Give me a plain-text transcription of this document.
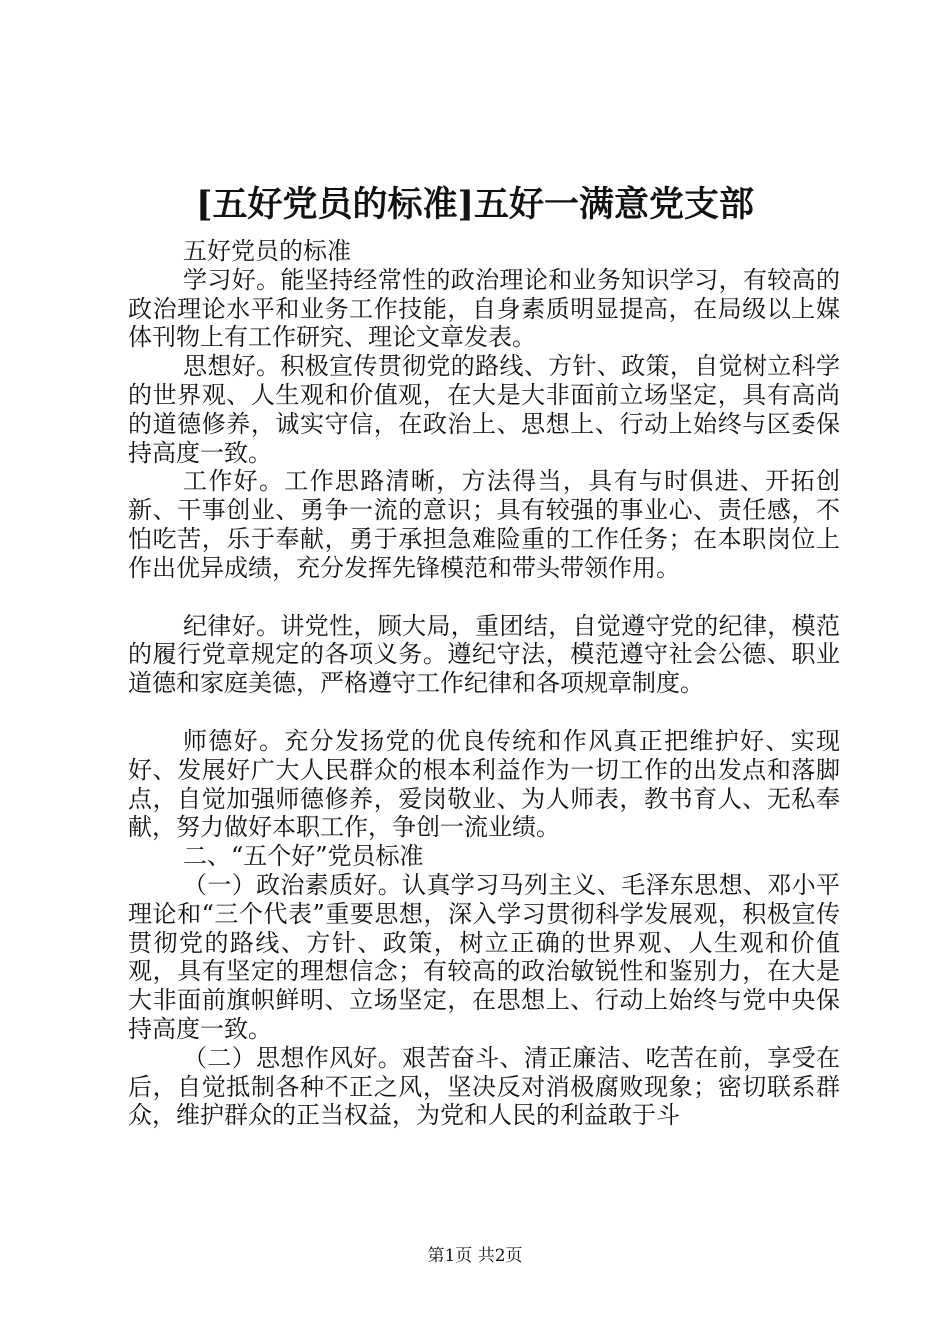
[五好党员的标准]五好一满意党支部

五好党员的标准

学习好。能坚持经常性的政治理论和业务知识学习，有较高的政治理论水平和业务工作技能，自身素质明显提高，在局级以上媒体刊物上有工作研究、理论文章发表。

思想好。积极宣传贯彻党的路线、方针、政策，自觉树立科学的世界观、人生观和价值观，在大是大非面前立场坚定，具有高尚的道德修养，诚实守信，在政治上、思想上、行动上始终与区委保持高度一致。

工作好。工作思路清晰，方法得当，具有与时俱进、开拓创新、干事创业、勇争一流的意识；具有较强的事业心、责任感，不怕吃苦，乐于奉献，勇于承担急难险重的工作任务；在本职岗位上作出优异成绩，充分发挥先锋模范和带头带领作用。

纪律好。讲党性，顾大局，重团结，自觉遵守党的纪律，模范的履行党章规定的各项义务。遵纪守法，模范遵守社会公德、职业道德和家庭美德，严格遵守工作纪律和各项规章制度。

师德好。充分发扬党的优良传统和作风真正把维护好、实现好、发展好广大人民群众的根本利益作为一切工作的出发点和落脚点，自觉加强师德修养，爱岗敬业、为人师表，教书育人、无私奉献，努力做好本职工作，争创一流业绩。

二、“五个好”党员标准

（一）政治素质好。认真学习马列主义、毛泽东思想、邓小平理论和“三个代表”重要思想，深入学习贯彻科学发展观，积极宣传贯彻党的路线、方针、政策，树立正确的世界观、人生观和价值观，具有坚定的理想信念；有较高的政治敏锐性和鉴别力，在大是大非面前旗帜鲜明、立场坚定，在思想上、行动上始终与党中央保持高度一致。

（二）思想作风好。艰苦奋斗、清正廉洁、吃苦在前，享受在后，自觉抵制各种不正之风，坚决反对消极腐败现象；密切联系群众，维护群众的正当权益，为党和人民的利益敢于斗

第1页 共2页
